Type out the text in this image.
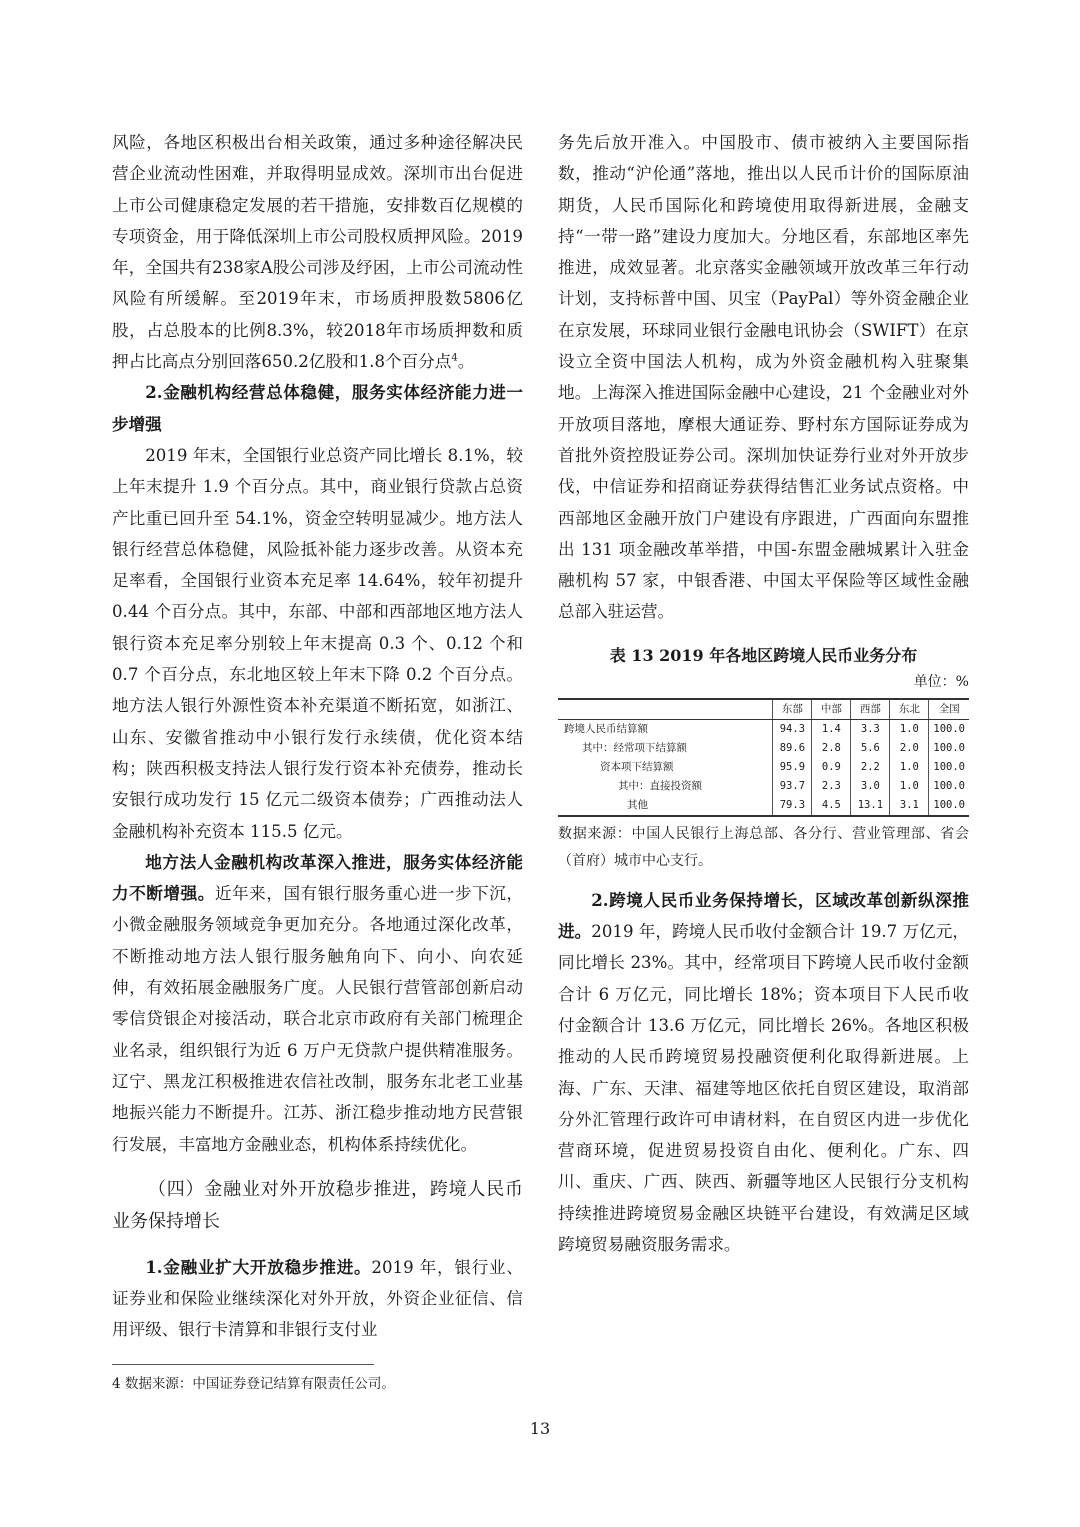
风险，各地区积极出台相关政策，通过多种途径解决民营企业流动性困难，并取得明显成效。深圳市出台促进上市公司健康稳定发展的若干措施，安排数百亿规模的专项资金，用于降低深圳上市公司股权质押风险。2019年，全国共有238家A股公司涉及纾困，上市公司流动性风险有所缓解。至2019年末，市场质押股数5806亿股，占总股本的比例8.3%，较2018年市场质押数和质押占比高点分别回落650.2亿股和1.8个百分点$^4$。

2.金融机构经营总体稳健，服务实体经济能力进一步增强

2019 年末，全国银行业总资产同比增长 8.1%，较上年末提升 1.9 个百分点。其中，商业银行贷款占总资产比重已回升至 54.1%，资金空转明显减少。地方法人银行经营总体稳健，风险抵补能力逐步改善。从资本充足率看，全国银行业资本充足率 14.64%，较年初提升 0.44 个百分点。其中，东部、中部和西部地区地方法人银行资本充足率分别较上年末提高 0.3 个、0.12 个和 0.7 个百分点，东北地区较上年末下降 0.2 个百分点。地方法人银行外源性资本补充渠道不断拓宽，如浙江、山东、安徽省推动中小银行发行永续债，优化资本结构；陕西积极支持法人银行发行资本补充债券，推动长安银行成功发行 15 亿元二级资本债券；广西推动法人金融机构补充资本 115.5 亿元。

地方法人金融机构改革深入推进，服务实体经济能力不断增强。近年来，国有银行服务重心进一步下沉，小微金融服务领域竞争更加充分。各地通过深化改革，不断推动地方法人银行服务触角向下、向小、向农延伸，有效拓展金融服务广度。人民银行营管部创新启动零信贷银企对接活动，联合北京市政府有关部门梳理企业名录，组织银行为近 6 万户无贷款户提供精准服务。辽宁、黑龙江积极推进农信社改制，服务东北老工业基地振兴能力不断提升。江苏、浙江稳步推动地方民营银行发展，丰富地方金融业态，机构体系持续优化。

（四）金融业对外开放稳步推进，跨境人民币业务保持增长

1.金融业扩大开放稳步推进。2019 年，银行业、证券业和保险业继续深化对外开放，外资企业征信、信用评级、银行卡清算和非银行支付业

务先后放开准入。中国股市、债市被纳入主要国际指数，推动“沪伦通”落地，推出以人民币计价的国际原油期货，人民币国际化和跨境使用取得新进展，金融支持“一带一路”建设力度加大。分地区看，东部地区率先推进，成效显著。北京落实金融领域开放改革三年行动计划，支持标普中国、贝宝（PayPal）等外资金融企业在京发展，环球同业银行金融电讯协会（SWIFT）在京设立全资中国法人机构，成为外资金融机构入驻聚集地。上海深入推进国际金融中心建设，21 个金融业对外开放项目落地，摩根大通证券、野村东方国际证券成为首批外资控股证券公司。深圳加快证券行业对外开放步伐，中信证券和招商证券获得结售汇业务试点资格。中西部地区金融开放门户建设有序跟进，广西面向东盟推出 131 项金融改革举措，中国-东盟金融城累计入驻金融机构 57 家，中银香港、中国太平保险等区域性金融总部入驻运营。

表 13 2019 年各地区跨境人民币业务分布
单位：%
	东部	中部	西部	东北	全国
跨境人民币结算额	94.3	1.4	3.3	1.0	100.0
其中：经常项下结算额	89.6	2.8	5.6	2.0	100.0
资本项下结算额	95.9	0.9	2.2	1.0	100.0
其中：直接投资额	93.7	2.3	3.0	1.0	100.0
其他	79.3	4.5	13.1	3.1	100.0

数据来源：中国人民银行上海总部、各分行、营业管理部、省会（首府）城市中心支行。

2.跨境人民币业务保持增长，区域改革创新纵深推进。2019 年，跨境人民币收付金额合计 19.7 万亿元，同比增长 23%。其中，经常项目下跨境人民币收付金额合计 6 万亿元，同比增长 18%；资本项目下人民币收付金额合计 13.6 万亿元，同比增长 26%。各地区积极推动的人民币跨境贸易投融资便利化取得新进展。上海、广东、天津、福建等地区依托自贸区建设，取消部分外汇管理行政许可申请材料，在自贸区内进一步优化营商环境，促进贸易投资自由化、便利化。广东、四川、重庆、广西、陕西、新疆等地区人民银行分支机构持续推进跨境贸易金融区块链平台建设，有效满足区域跨境贸易融资服务需求。

4 数据来源：中国证券登记结算有限责任公司。
13
